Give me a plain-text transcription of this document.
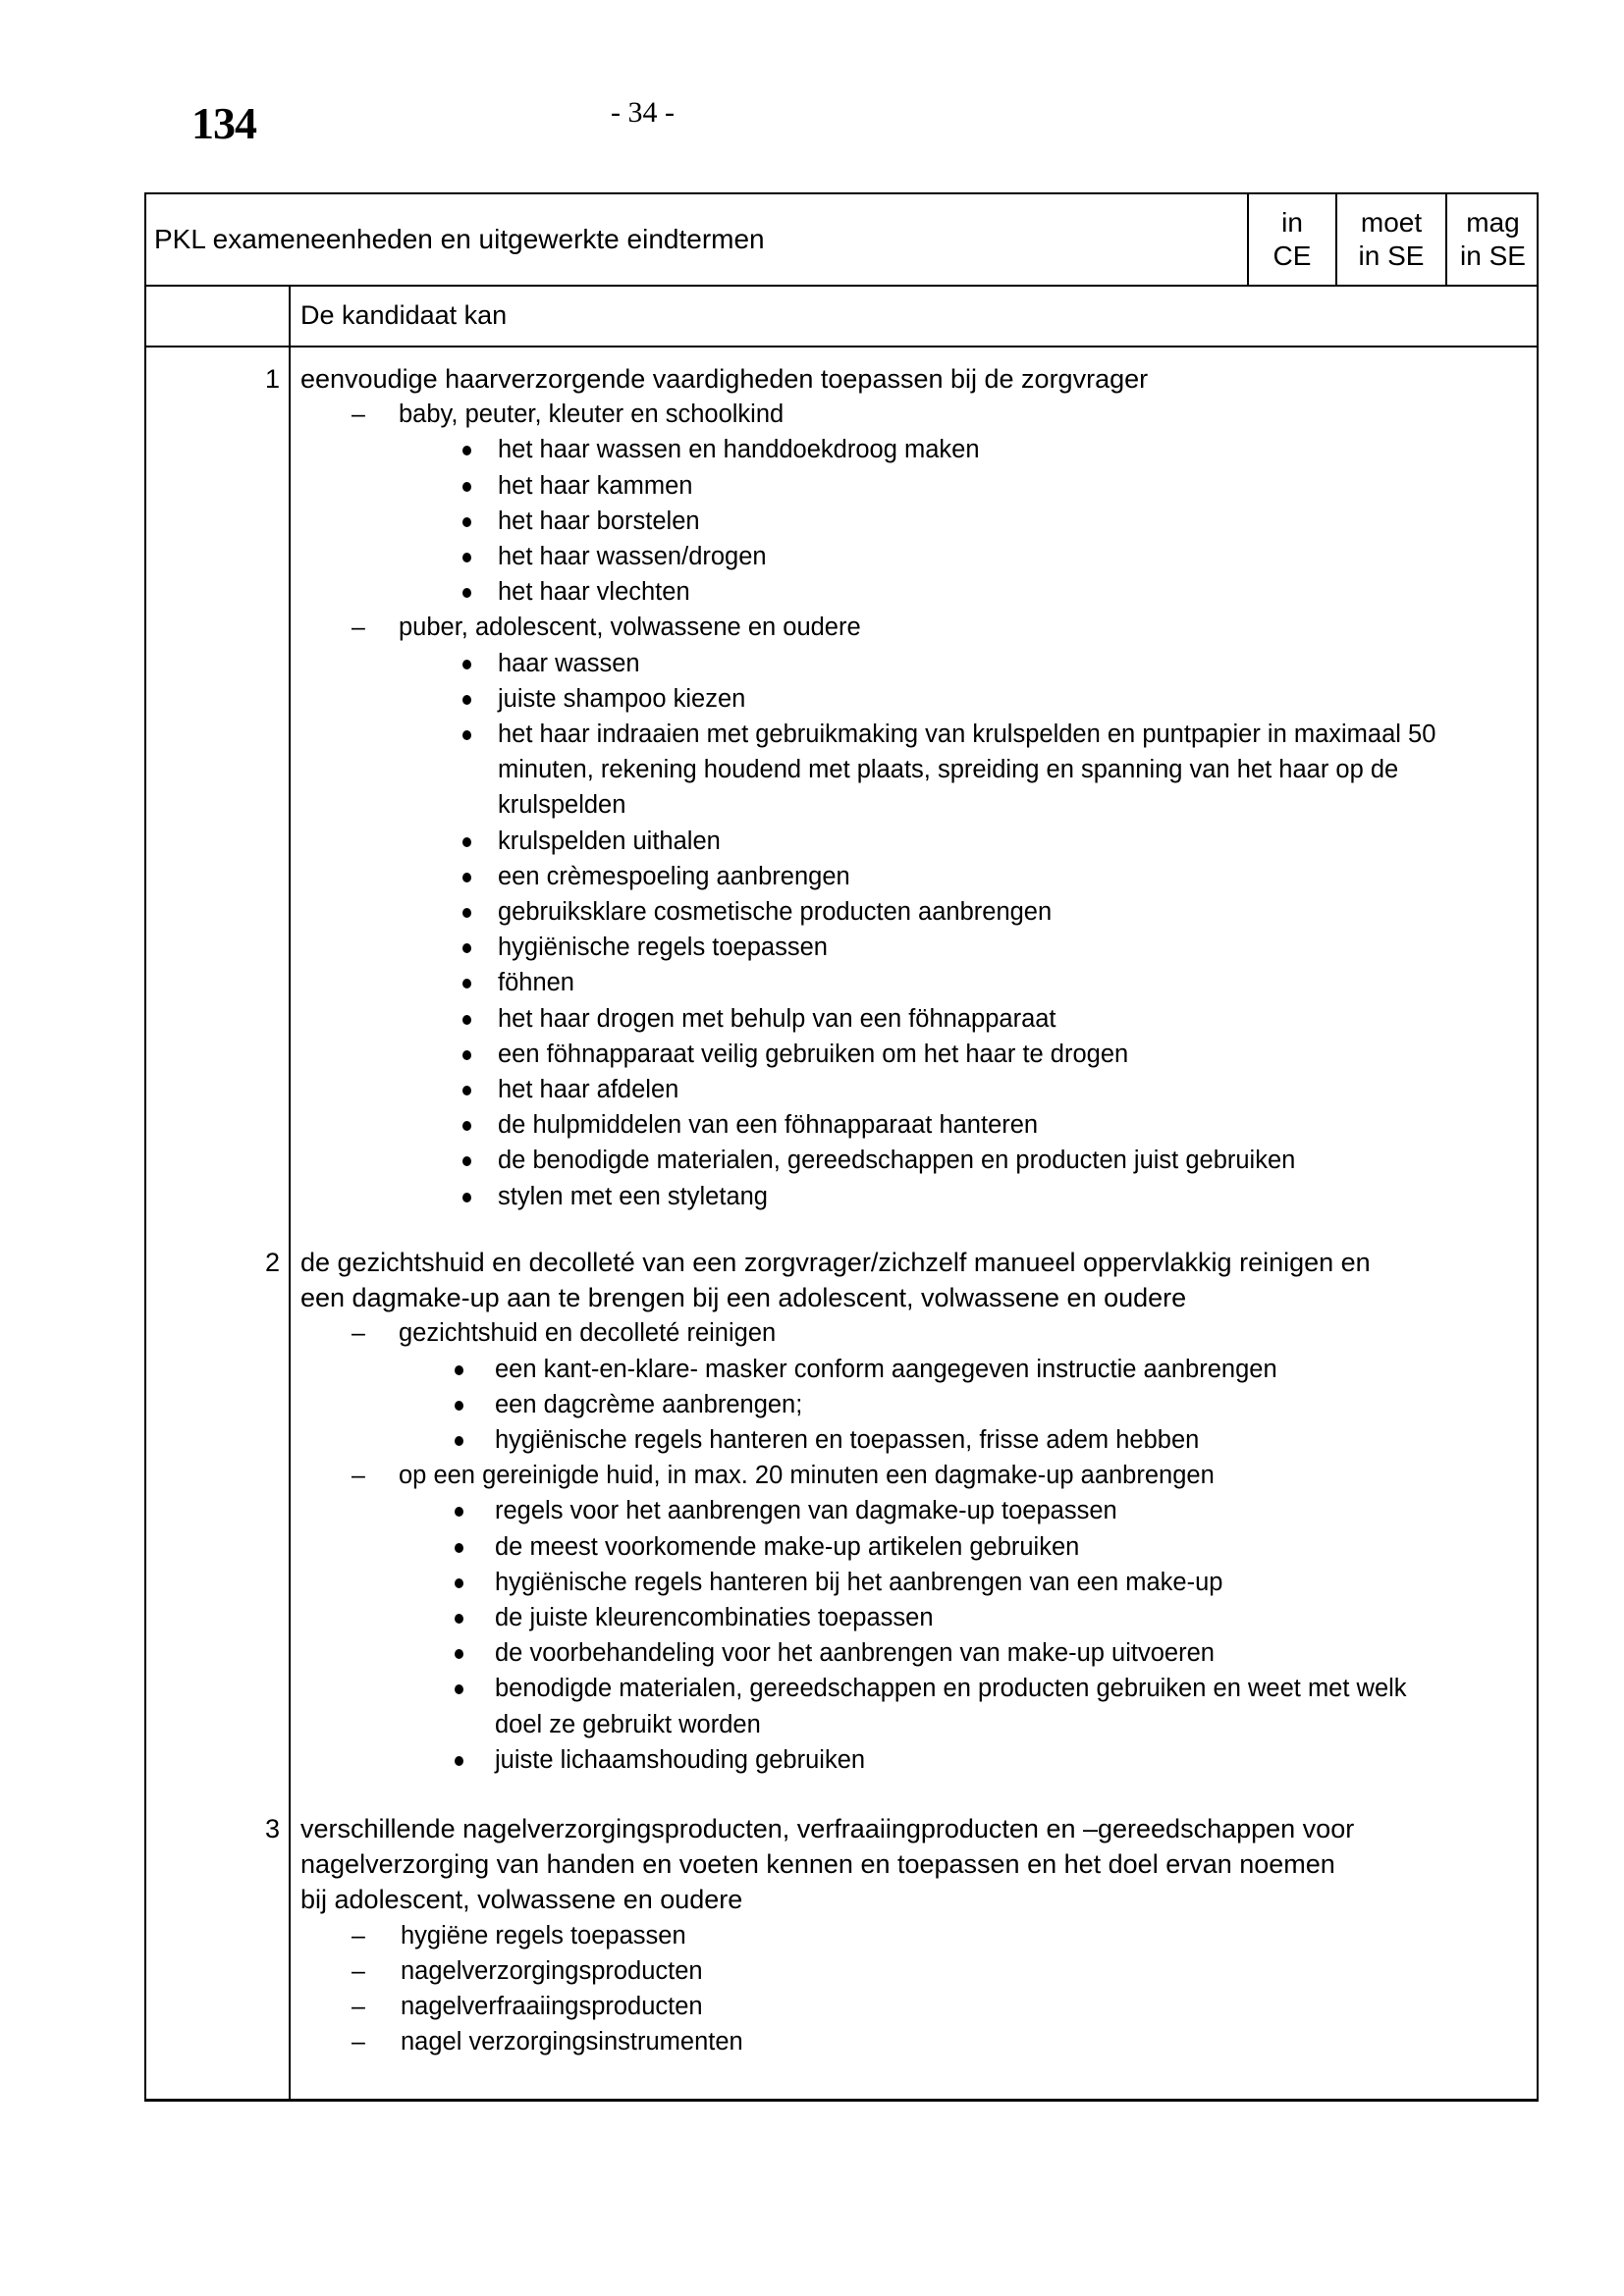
134	- 34 -
PKL exameneenheden en uitgewerkte eindtermen
in
CE
moet
in SE
mag
in SE
De kandidaat kan
1 eenvoudige haarverzorgende vaardigheden toepassen bij de zorgvrager
– baby, peuter, kleuter en schoolkind
het haar wassen en handdoekdroog maken
het haar kammen
het haar borstelen
het haar wassen/drogen
het haar vlechten
– puber, adolescent, volwassene en oudere
haar wassen
juiste shampoo kiezen
het haar indraaien met gebruikmaking van krulspelden en puntpapier in maximaal 50
minuten, rekening houdend met plaats, spreiding en spanning van het haar op de
krulspelden
krulspelden uithalen
een crèmespoeling aanbrengen
gebruiksklare cosmetische producten aanbrengen
hygiënische regels toepassen
föhnen
het haar drogen met behulp van een föhnapparaat
een föhnapparaat veilig gebruiken om het haar te drogen
het haar afdelen
de hulpmiddelen van een föhnapparaat hanteren
de benodigde materialen, gereedschappen en producten juist gebruiken
stylen met een styletang
2 de gezichtshuid en decolleté van een zorgvrager/zichzelf manueel oppervlakkig reinigen en
een dagmake-up aan te brengen bij een adolescent, volwassene en oudere
– gezichtshuid en decolleté reinigen
een kant-en-klare- masker conform aangegeven instructie aanbrengen
een dagcrème aanbrengen;
hygiënische regels hanteren en toepassen, frisse adem hebben
– op een gereinigde huid, in max. 20 minuten een dagmake-up aanbrengen
regels voor het aanbrengen van dagmake-up toepassen
de meest voorkomende make-up artikelen gebruiken
hygiënische regels hanteren bij het aanbrengen van een make-up
de juiste kleurencombinaties toepassen
de voorbehandeling voor het aanbrengen van make-up uitvoeren
benodigde materialen, gereedschappen en producten gebruiken en weet met welk
doel ze gebruikt worden
juiste lichaamshouding gebruiken
3 verschillende nagelverzorgingsproducten, verfraaiingproducten en –gereedschappen voor
nagelverzorging van handen en voeten kennen en toepassen en het doel ervan noemen
bij adolescent, volwassene en oudere
– hygiëne regels toepassen
– nagelverzorgingsproducten
– nagelverfraaiingsproducten
– nagel verzorgingsinstrumenten
